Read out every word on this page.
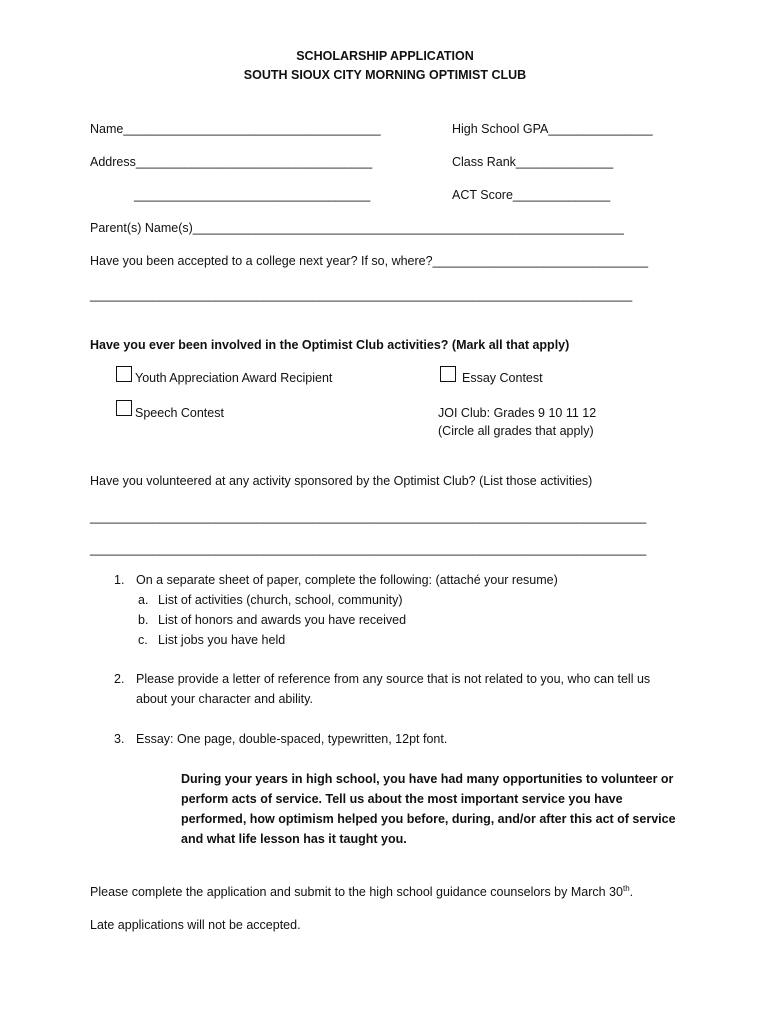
SCHOLARSHIP APPLICATION
SOUTH SIOUX CITY MORNING OPTIMIST CLUB
Name_____________________________________	High School GPA_______________
Address__________________________________	Class Rank______________
__________________________________	ACT Score______________
Parent(s) Name(s)______________________________________________________________
Have you been accepted to a college next year? If so, where?_______________________________
______________________________________________________________________________
Have you ever been involved in the Optimist Club activities? (Mark all that apply)
Youth Appreciation Award Recipient	Essay Contest
Speech Contest	JOI Club: Grades 9 10 11 12
(Circle all grades that apply)
Have you volunteered at any activity sponsored by the Optimist Club? (List those activities)
________________________________________________________________________________
________________________________________________________________________________
1. On a separate sheet of paper, complete the following: (attaché your resume)
a. List of activities (church, school, community)
b. List of honors and awards you have received
c. List jobs you have held
2. Please provide a letter of reference from any source that is not related to you, who can tell us
about your character and ability.
3. Essay: One page, double-spaced, typewritten, 12pt font.
During your years in high school, you have had many opportunities to volunteer or perform acts of service. Tell us about the most important service you have performed, how optimism helped you before, during, and/or after this act of service and what life lesson has it taught you.
Please complete the application and submit to the high school guidance counselors by March 30th.
Late applications will not be accepted.
